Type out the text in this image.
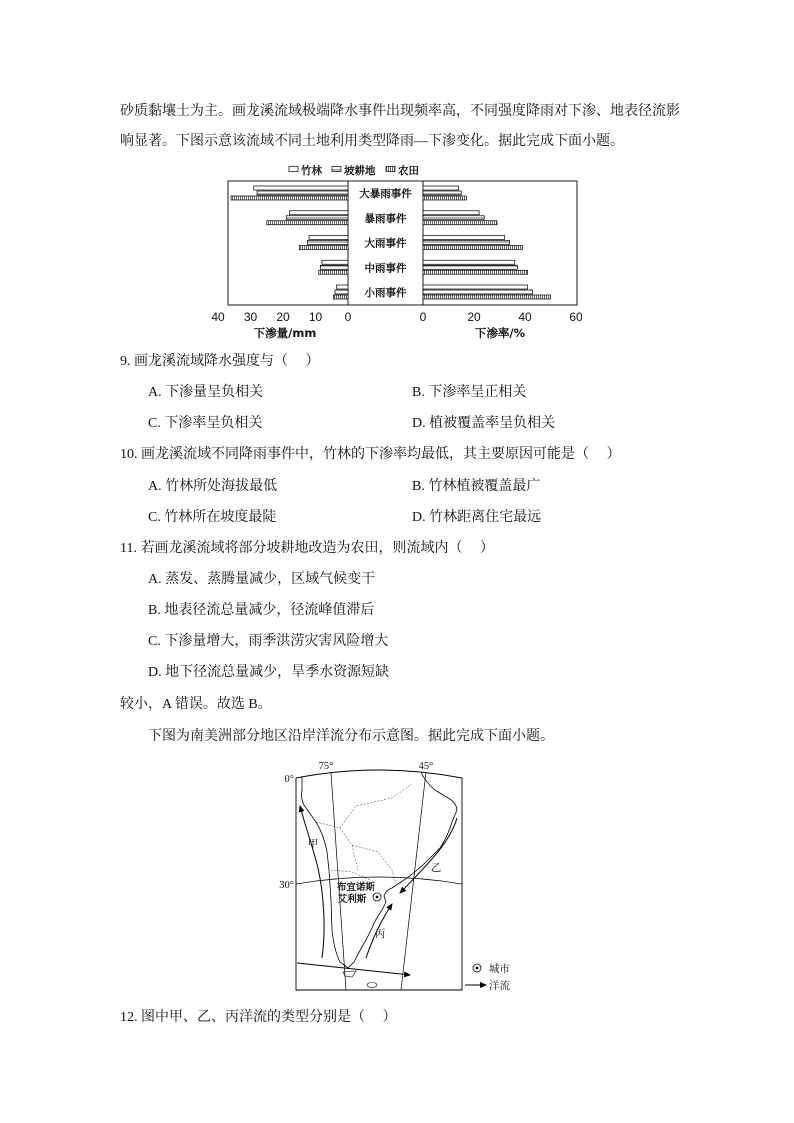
砂质黏壤土为主。画龙溪流域极端降水事件出现频率高，不同强度降雨对下渗、地表径流影
响显著。下图示意该流域不同土地利用类型降雨—下渗变化。据此完成下面小题。
竹林 坡耕地 农田
大暴雨事件
暴雨事件
大雨事件
中雨事件
小雨事件
40 30 20 10 0	0	20	40	60
下渗量/mm	下渗率/%
9. 画龙溪流域降水强度与（     ）
A. 下渗量呈负相关	B. 下渗率呈正相关
C. 下渗率呈负相关	D. 植被覆盖率呈负相关
10. 画龙溪流域不同降雨事件中，竹林的下渗率均最低，其主要原因可能是（     ）
A. 竹林所处海拔最低	B. 竹林植被覆盖最广
C. 竹林所在坡度最陡	D. 竹林距离住宅最远
11. 若画龙溪流域将部分坡耕地改造为农田，则流域内（     ）
A. 蒸发、蒸腾量减少，区域气候变干
B. 地表径流总量减少，径流峰值滞后
C. 下渗量增大，雨季洪涝灾害风险增大
D. 地下径流总量减少，旱季水资源短缺
较小，A 错误。故选 B。
下图为南美洲部分地区沿岸洋流分布示意图。据此完成下面小题。
0°
75°	45°
30°
甲
乙
丙
布宜诺斯
艾利斯
城市
洋流
12. 图中甲、乙、丙洋流的类型分别是（     ）
